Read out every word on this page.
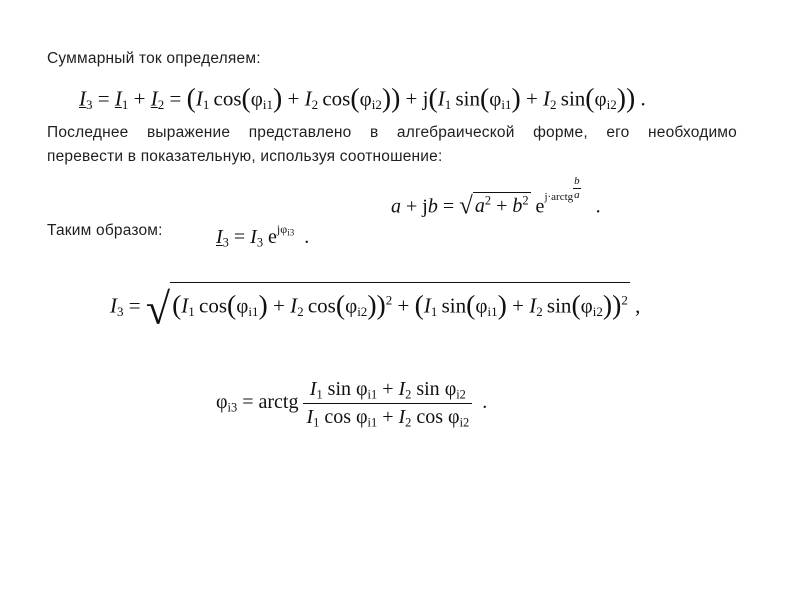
Суммарный ток определяем:
$I_3 = I_1 + I_2 = (I_1$  $\cos(\varphi_{i1}) + I_2$  $\cos(\varphi_{i2})) + j(I_1$  $\sin(\varphi_{i1}) + I_2$  $\sin(\varphi_{i2})$) .
Последнее выражение представлено в алгебраической форме, его необходимо
перевести в показательную, используя соотношение:
a + jb = √ $a^2 + b^2$ $e^{j\cdot arctg \frac{b}{a}}$
.
Таким образом:	$I_3 = I_3$ $e^{j\varphi_{i3}}$ .
$I_3 = √(I_1$  $\cos(\varphi_{i1}) + I_2$  $\cos(\varphi_{i2}))^2 + (I_1$  $\sin(\varphi_{i1}) + I_2$  $\sin(\varphi_{i2}))^2$ ,
$\varphi_{i3}$ = arctg $\frac{I_1 \sin \varphi_{i1} + I_2 \sin \varphi_{i2}}{I_1 \cos \varphi_{i1} + I_2 \cos \varphi_{i2}}$ .
